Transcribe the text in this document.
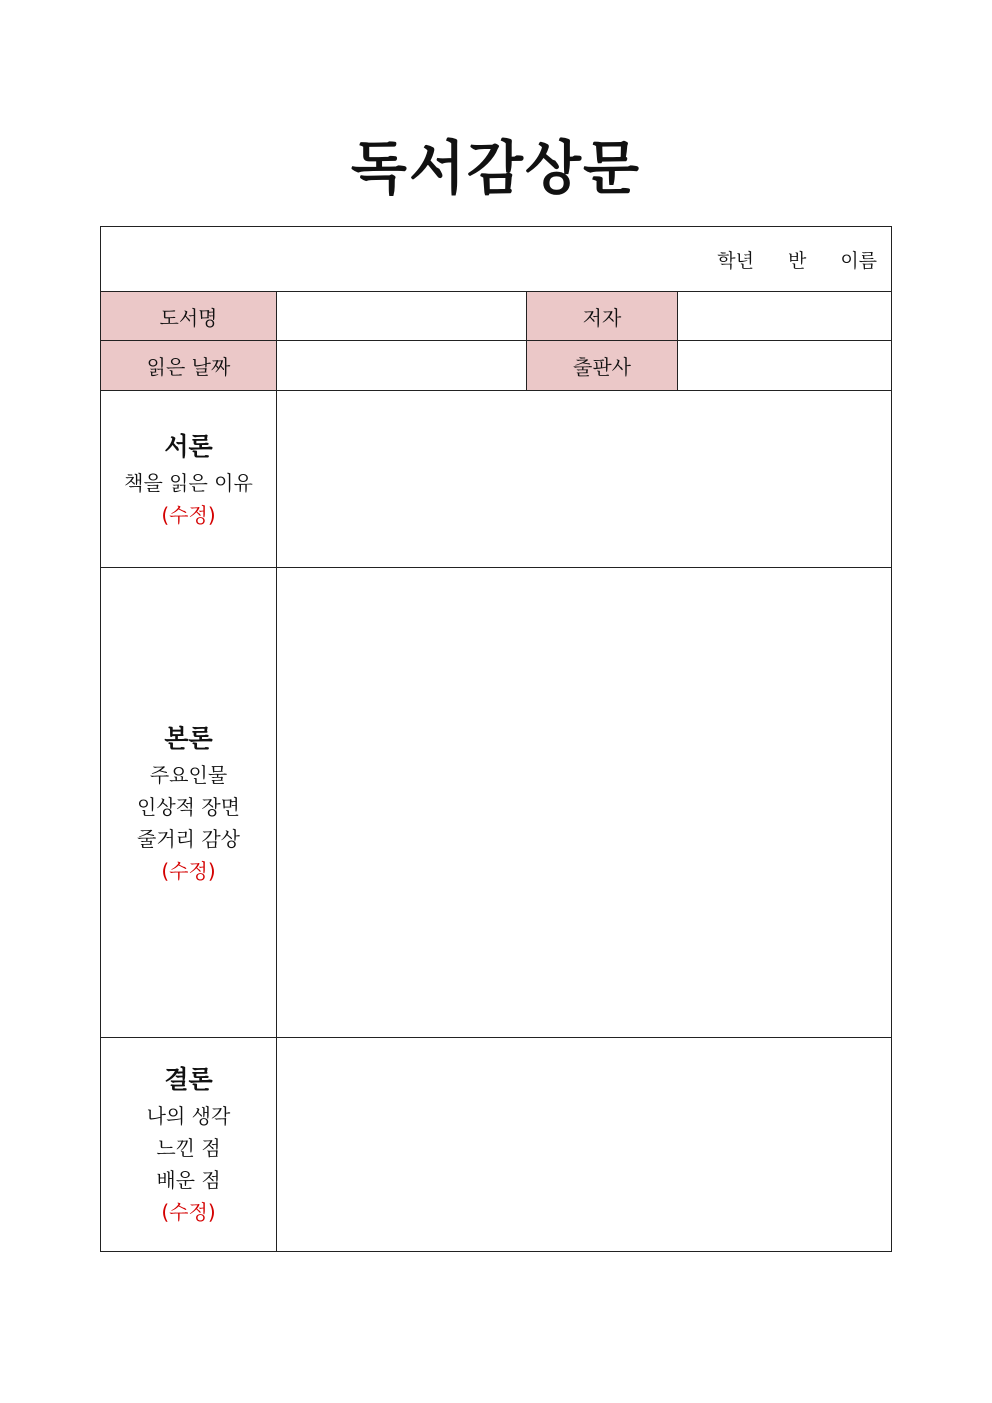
독서감상문
학년 반 이름			
도서명		저자	
읽은 날짜		출판사	

서론
책을 읽은 이유
(수정)			

본론
주요인물
인상적 장면
줄거리 감상
(수정)			

결론
나의 생각
느낀 점
배운 점
(수정)			
